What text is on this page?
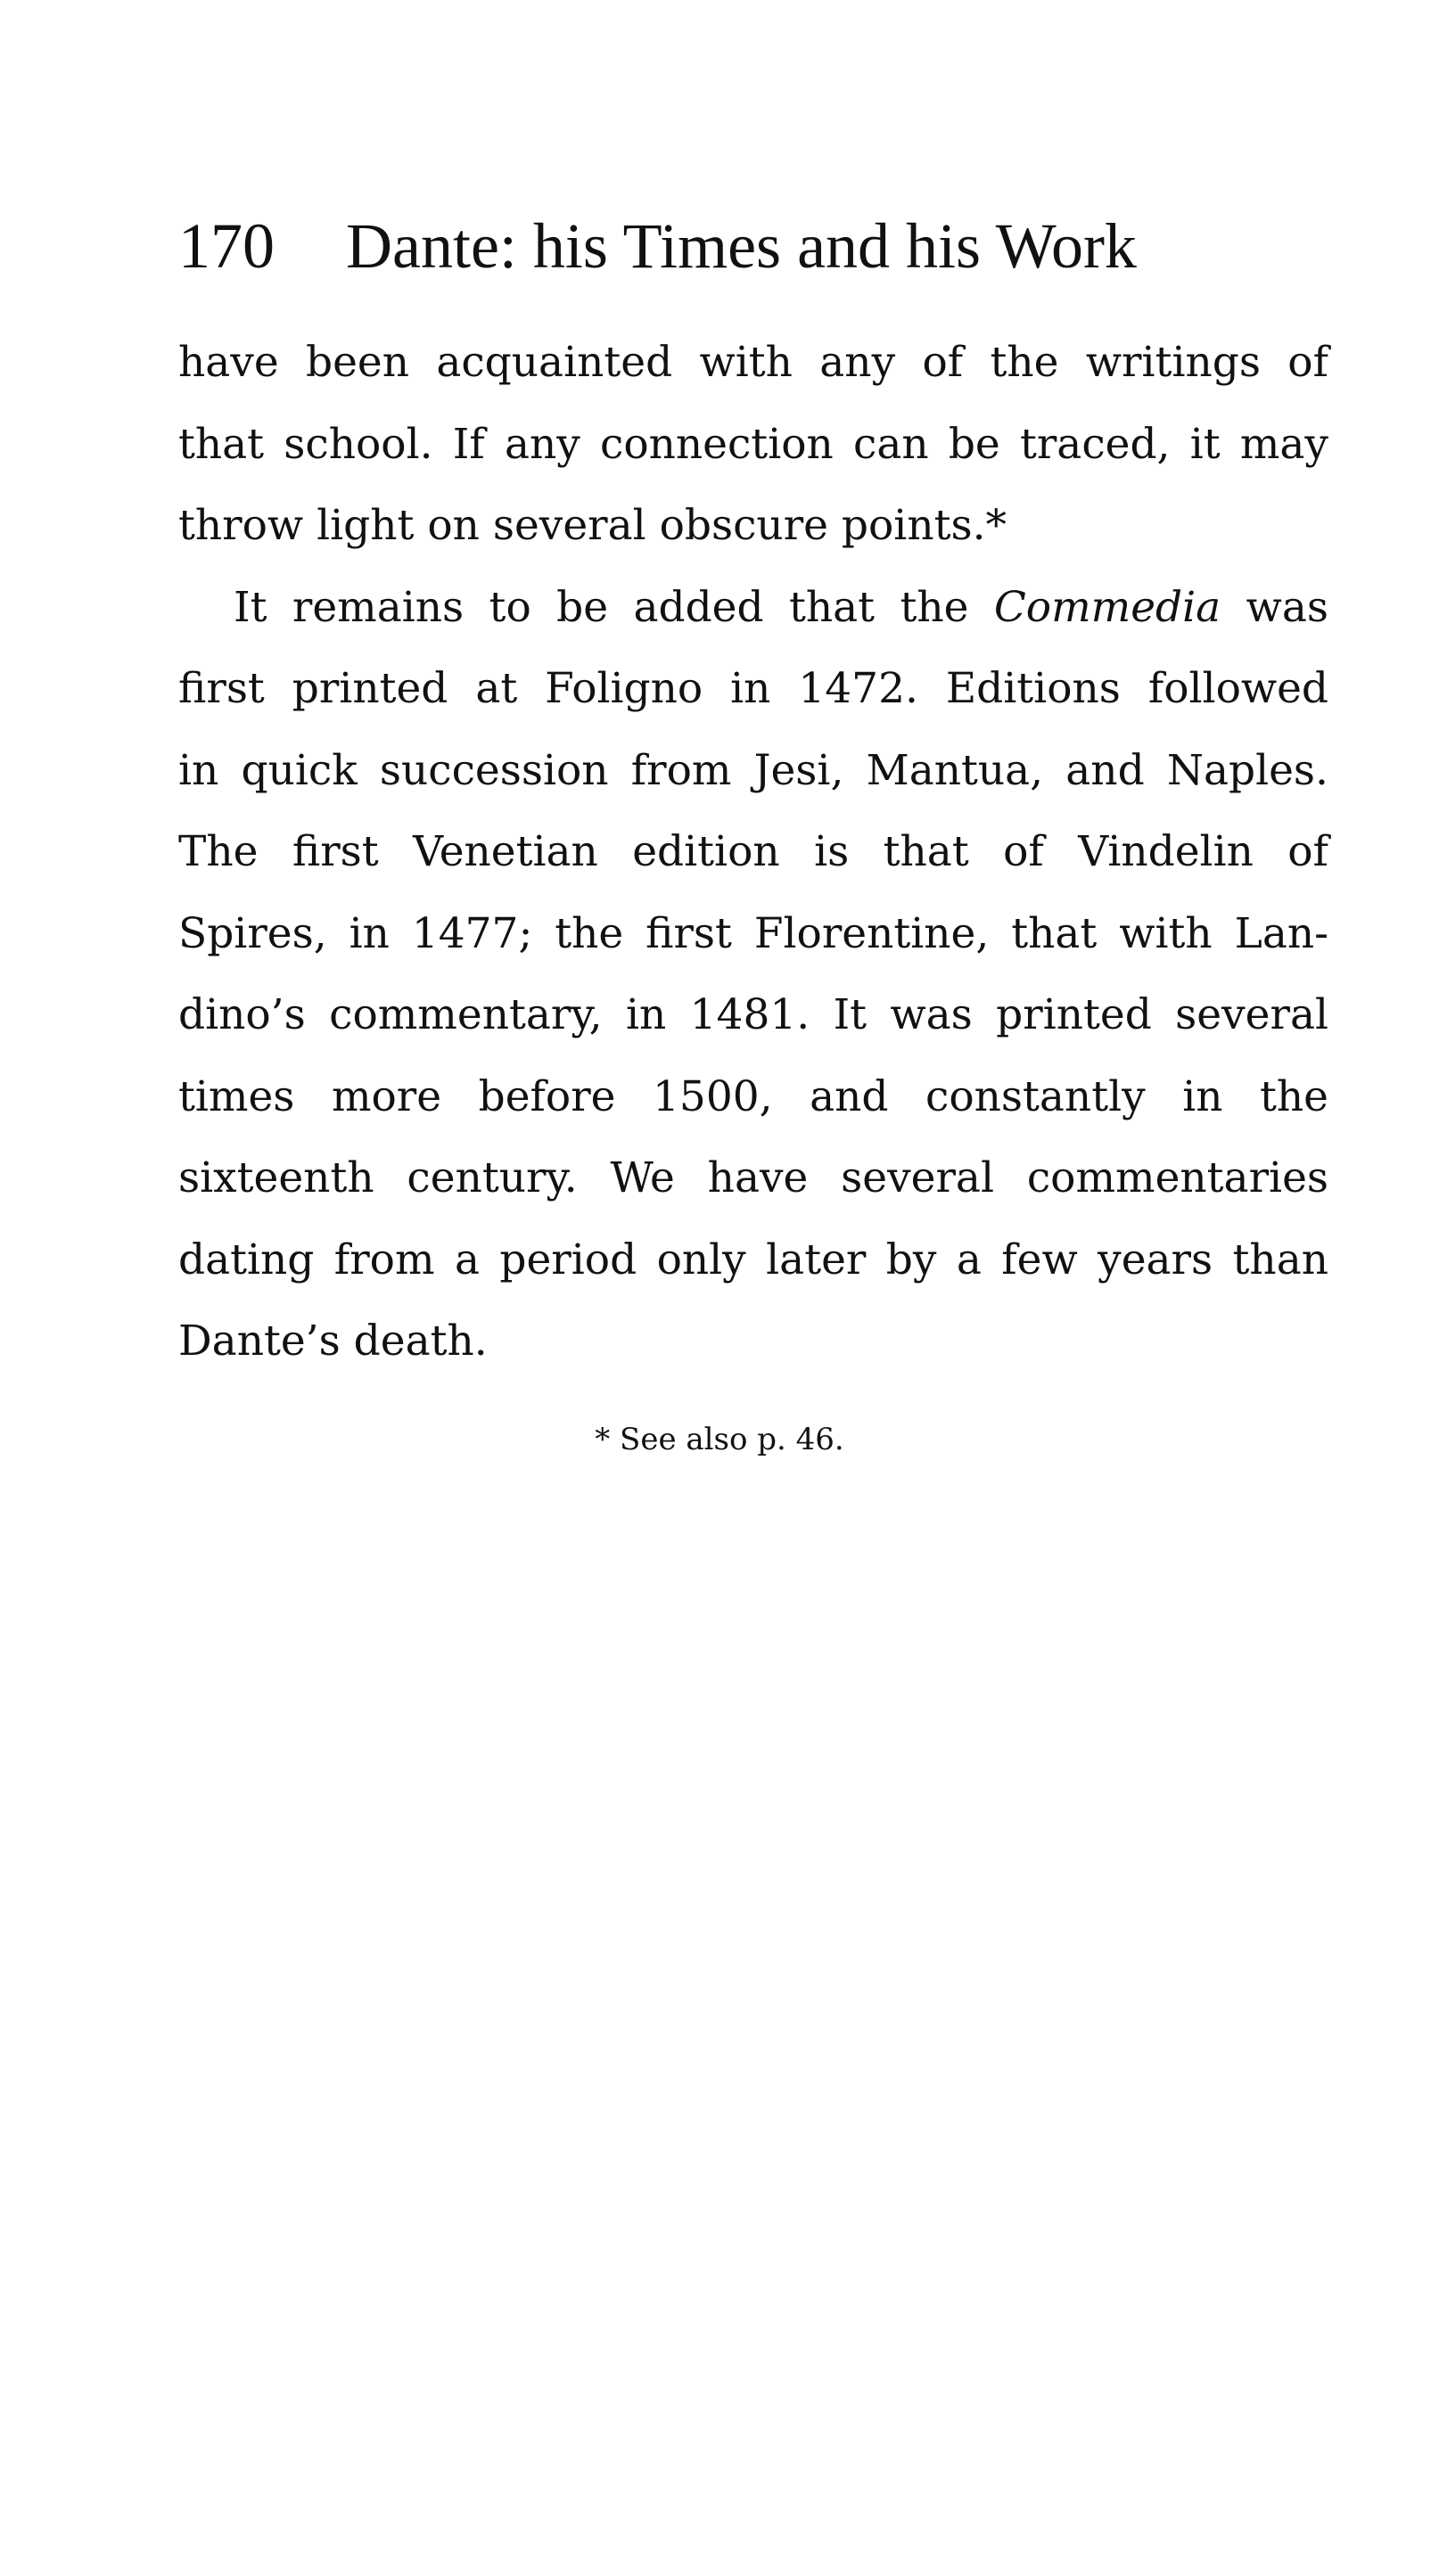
170 Dante: his Times and his Work
have been acquainted with any of the writings of
that school. If any connection can be traced, it may
throw light on several obscure points.*
It remains to be added that the Commedia was
first printed at Foligno in 1472. Editions followed
in quick succession from Jesi, Mantua, and Naples.
The first Venetian edition is that of Vindelin of
Spires, in 1477; the first Florentine, that with Lan-
dino’s commentary, in 1481. It was printed several
times more before 1500, and constantly in the
sixteenth century. We have several commentaries
dating from a period only later by a few years than
Dante’s death.
* See also p. 46.
